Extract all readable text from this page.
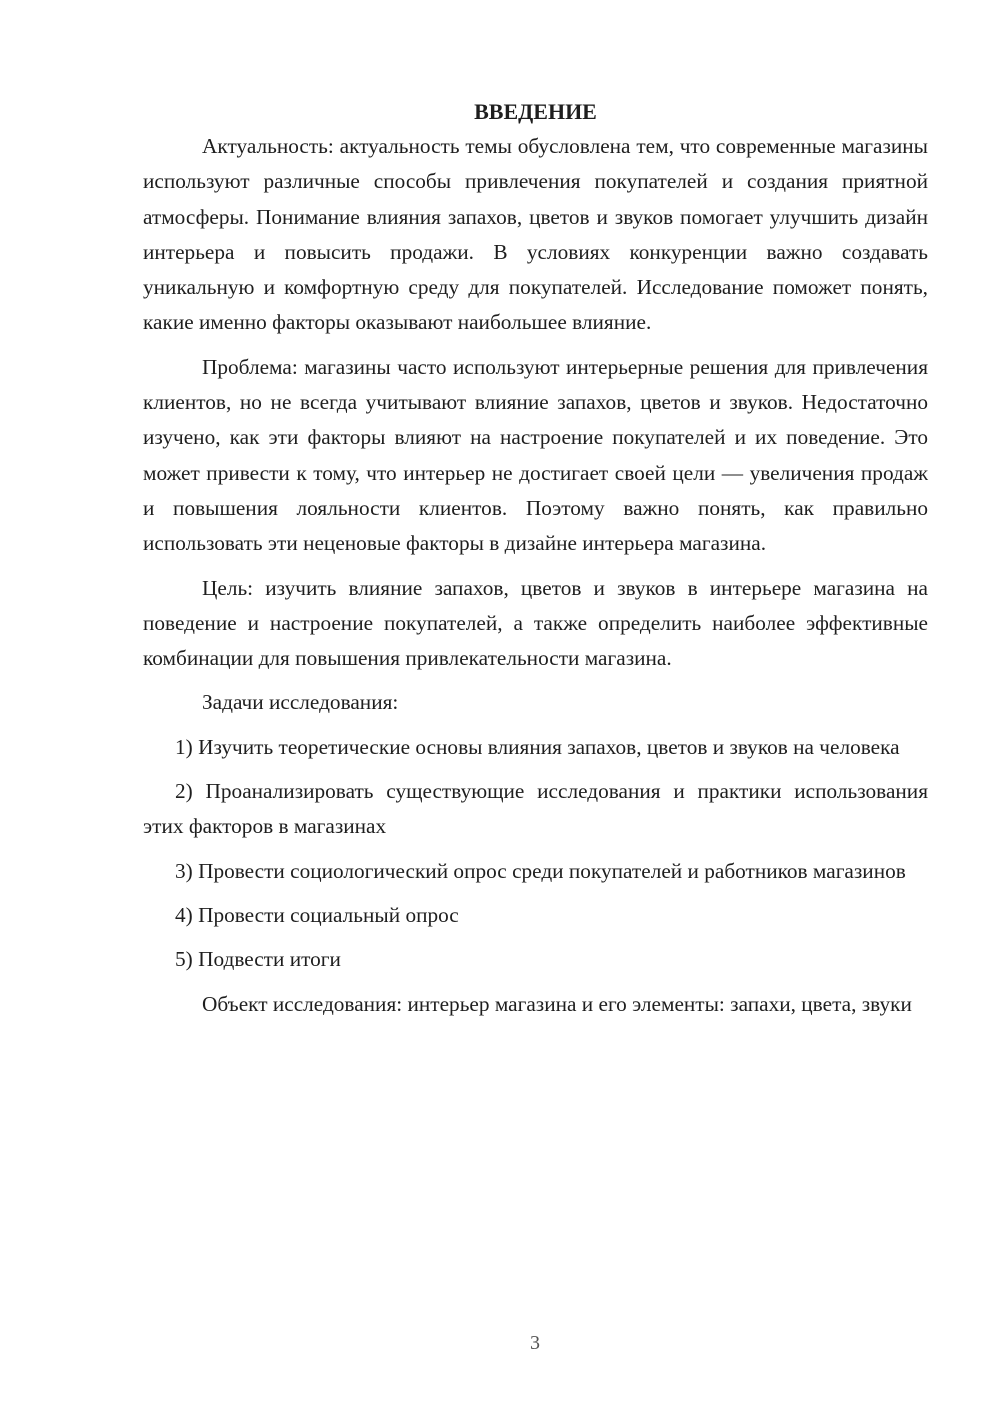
ВВЕДЕНИЕ

Актуальность: актуальность темы обусловлена тем, что современные магазины используют различные способы привлечения покупателей и создания приятной атмосферы. Понимание влияния запахов, цветов и звуков помогает улучшить дизайн интерьера и повысить продажи. В условиях конкуренции важно создавать уникальную и комфортную среду для покупателей. Исследование поможет понять, какие именно факторы оказывают наибольшее влияние.

Проблема: магазины часто используют интерьерные решения для привлечения клиентов, но не всегда учитывают влияние запахов, цветов и звуков. Недостаточно изучено, как эти факторы влияют на настроение покупателей и их поведение. Это может привести к тому, что интерьер не достигает своей цели — увеличения продаж и повышения лояльности клиентов. Поэтому важно понять, как правильно использовать эти неценовые факторы в дизайне интерьера магазина.

Цель: изучить влияние запахов, цветов и звуков в интерьере магазина на поведение и настроение покупателей, а также определить наиболее эффективные комбинации для повышения привлекательности магазина.

Задачи исследования:

1) Изучить теоретические основы влияния запахов, цветов и звуков на человека

2) Проанализировать существующие исследования и практики использования этих факторов в магазинах

3) Провести социологический опрос среди покупателей и работников магазинов

4) Провести социальный опрос

5) Подвести итоги

Объект исследования: интерьер магазина и его элементы: запахи, цвета, звуки

3
